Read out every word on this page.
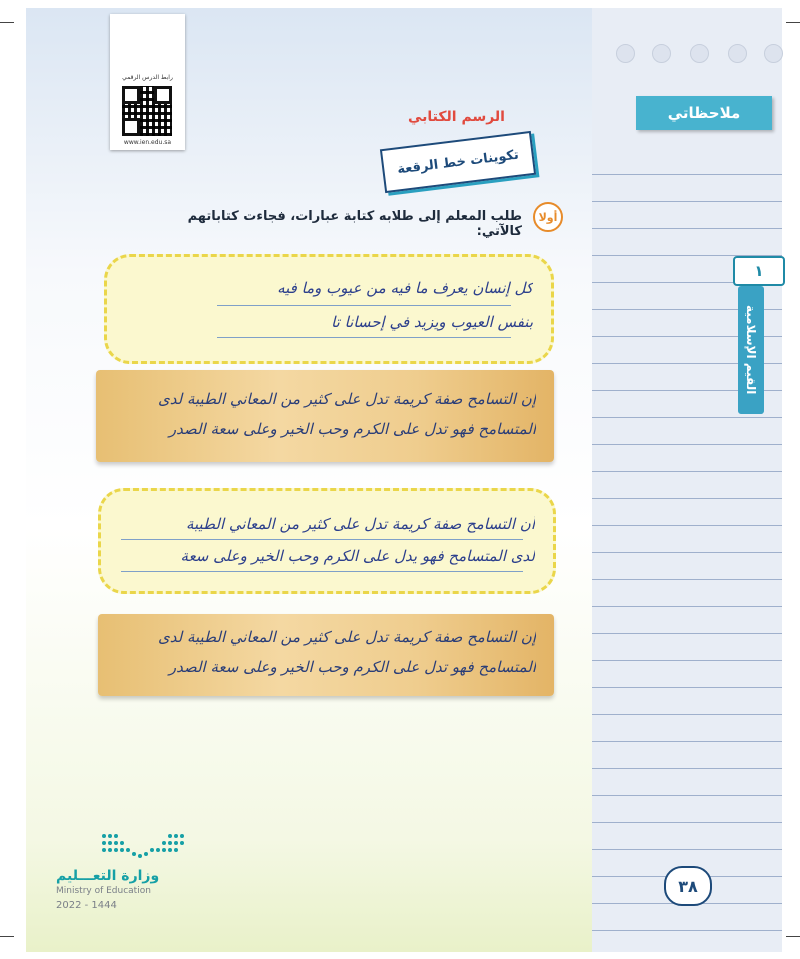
ملاحظاتي
١
القيم الإسلامية
٣٨
رابط الدرس الرقمي
www.ien.edu.sa
الرسم الكتابي
تكوينات خط الرقعة
أولا
طلب المعلم إلى طلابه كتابة عبارات، فجاءت كتاباتهم كالآتي:
كل إنسان يعرف ما فيه من عيوب وما فيه
بنفس العيوب ويزيد في إحسانا تا
إن التسامح صفة كريمة تدل على كثير من المعاني الطيبة لدى
المتسامح فهو تدل على الكرم وحب الخير وعلى سعة الصدر
أن التسامح صفة كريمة تدل على كثير من المعاني الطيبة
لدى المتسامح فهو يدل على الكرم وحب الخير وعلى سعة
إن التسامح صفة كريمة تدل على كثير من المعاني الطيبة لدى
المتسامح فهو تدل على الكرم وحب الخير وعلى سعة الصدر
وزارة التعـــليم
Ministry of Education
2022 - 1444
